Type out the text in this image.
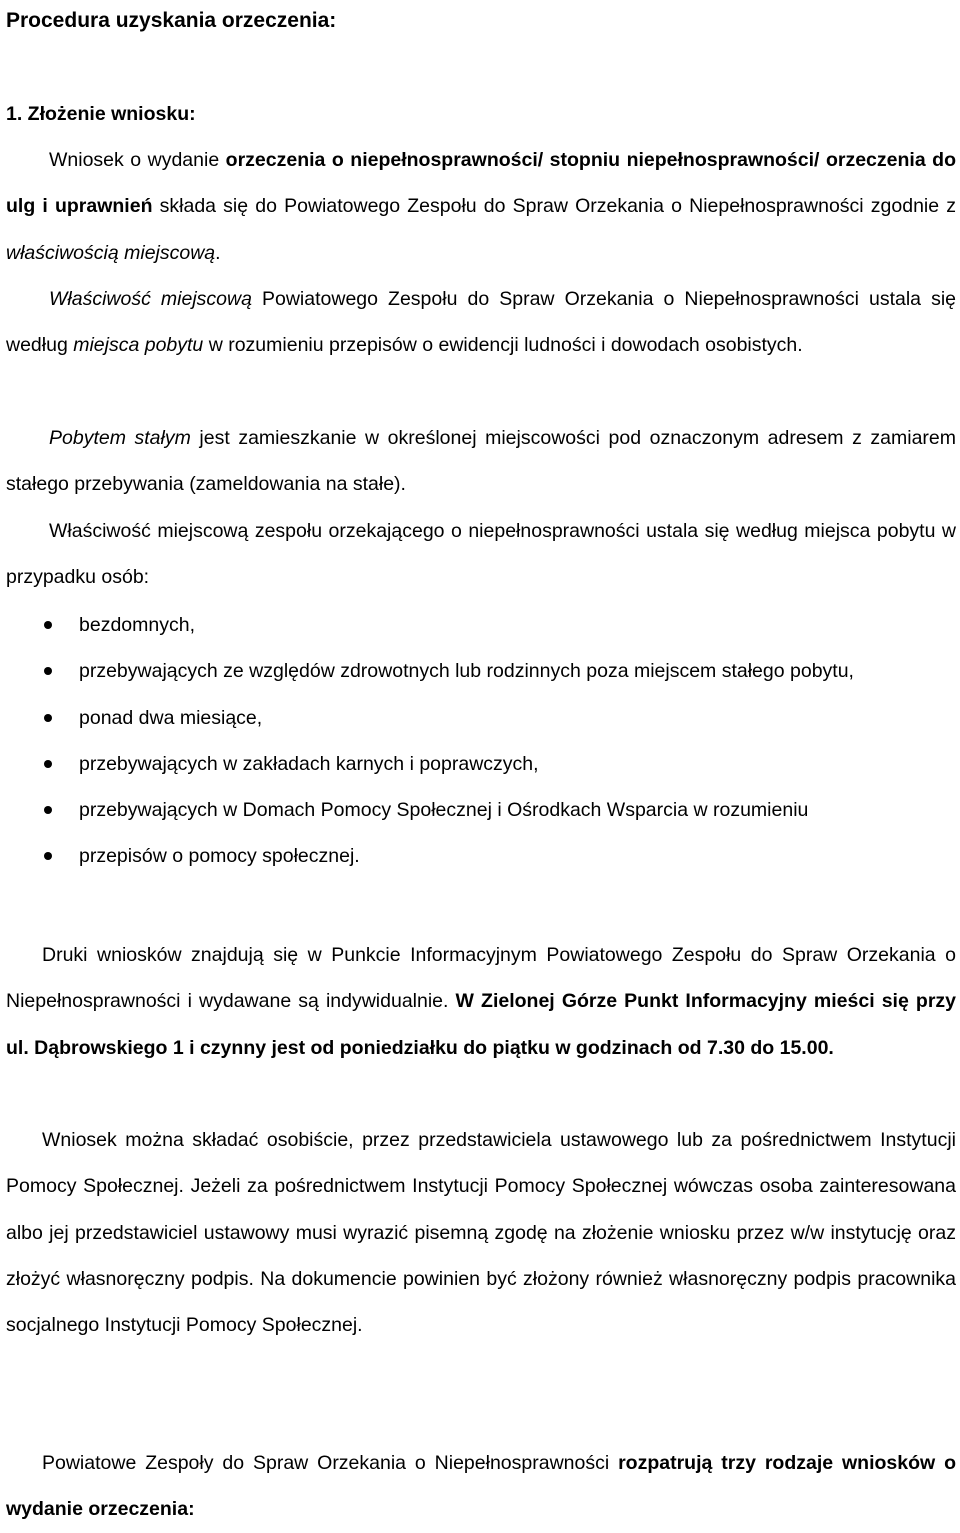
Procedura uzyskania orzeczenia:
1. Złożenie wniosku:

Wniosek o wydanie orzeczenia o niepełnosprawności/ stopniu niepełnosprawności/ orzeczenia do ulg i uprawnień składa się do Powiatowego Zespołu do Spraw Orzekania o Niepełnosprawności zgodnie z właściwością miejscową.

Właściwość miejscową Powiatowego Zespołu do Spraw Orzekania o Niepełnosprawności ustala się według miejsca pobytu w rozumieniu przepisów o ewidencji ludności i dowodach osobistych.

Pobytem stałym jest zamieszkanie w określonej miejscowości pod oznaczonym adresem z zamiarem stałego przebywania (zameldowania na stałe).

Właściwość miejscową zespołu orzekającego o niepełnosprawności ustala się według miejsca pobytu w przypadku osób:

bezdomnych,
przebywających ze względów zdrowotnych lub rodzinnych poza miejscem stałego pobytu,
ponad dwa miesiące,
przebywających w zakładach karnych i poprawczych,
przebywających w Domach Pomocy Społecznej i Ośrodkach Wsparcia w rozumieniu
przepisów o pomocy społecznej.

Druki wniosków znajdują się w Punkcie Informacyjnym Powiatowego Zespołu do Spraw Orzekania o Niepełnosprawności i wydawane są indywidualnie. W Zielonej Górze Punkt Informacyjny mieści się przy ul. Dąbrowskiego 1 i czynny jest od poniedziałku do piątku w godzinach od 7.30 do 15.00.

Wniosek można składać osobiście, przez przedstawiciela ustawowego lub za pośrednictwem Instytucji Pomocy Społecznej. Jeżeli za pośrednictwem Instytucji Pomocy Społecznej wówczas osoba zainteresowana albo jej przedstawiciel ustawowy musi wyrazić pisemną zgodę na złożenie wniosku przez w/w instytucję oraz złożyć własnoręczny podpis. Na dokumencie powinien być złożony również własnoręczny podpis pracownika socjalnego Instytucji Pomocy Społecznej.

Powiatowe Zespoły do Spraw Orzekania o Niepełnosprawności rozpatrują trzy rodzaje wniosków o wydanie orzeczenia:
